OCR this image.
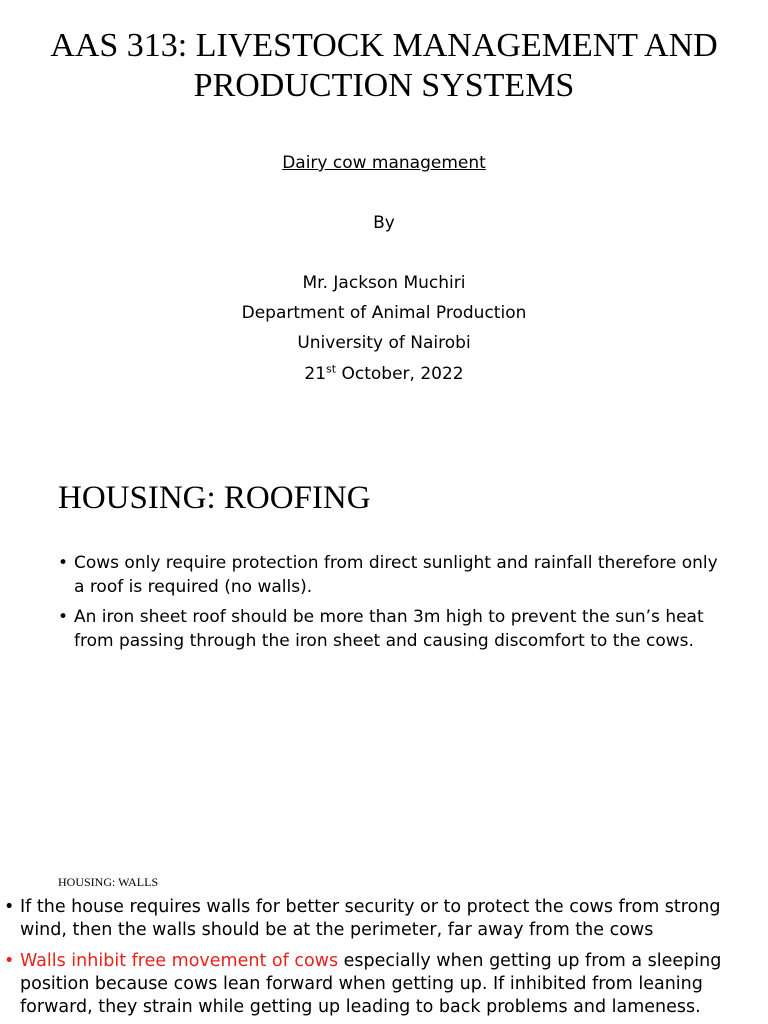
AAS 313: LIVESTOCK MANAGEMENT AND PRODUCTION SYSTEMS
Dairy cow management
By
Mr. Jackson Muchiri
Department of Animal Production
University of Nairobi
21st October, 2022
HOUSING: ROOFING
• Cows only require protection from direct sunlight and rainfall therefore only a roof is required (no walls).
• An iron sheet roof should be more than 3m high to prevent the sun’s heat from passing through the iron sheet and causing discomfort to the cows.
HOUSING: WALLS
• If the house requires walls for better security or to protect the cows from strong wind, then the walls should be at the perimeter, far away from the cows
• Walls inhibit free movement of cows especially when getting up from a sleeping position because cows lean forward when getting up. If inhibited from leaning forward, they strain while getting up leading to back problems and lameness.
